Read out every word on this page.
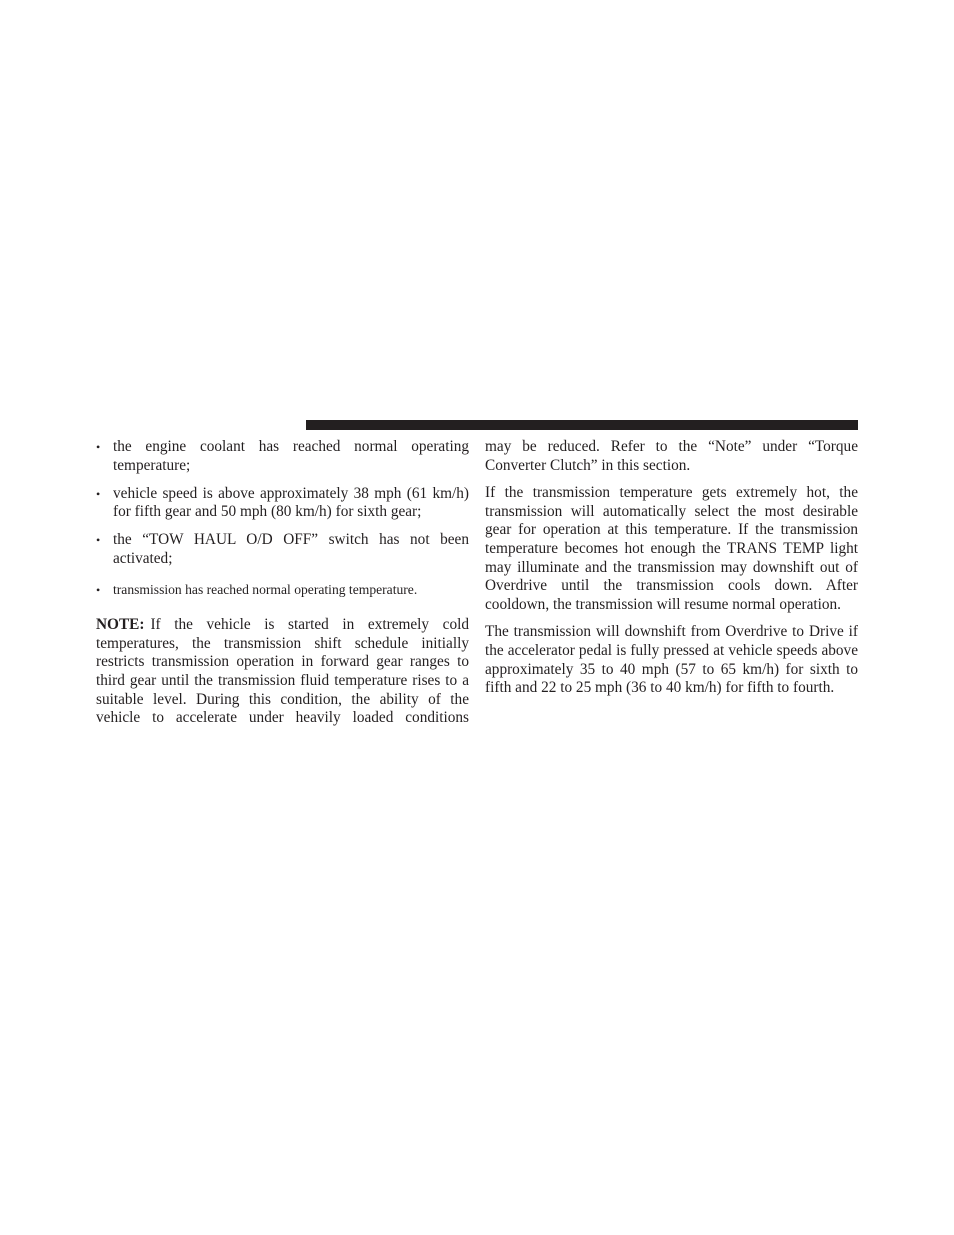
• the engine coolant has reached normal operating temperature;
• vehicle speed is above approximately 38 mph (61 km/h) for fifth gear and 50 mph (80 km/h) for sixth gear;
• the “TOW HAUL O/D OFF” switch has not been activated;
• transmission has reached normal operating temperature.

NOTE: If the vehicle is started in extremely cold temperatures, the transmission shift schedule initially restricts transmission operation in forward gear ranges to third gear until the transmission fluid temperature rises to a suitable level. During this condition, the ability of the vehicle to accelerate under heavily loaded conditions

may be reduced. Refer to the “Note” under “Torque Converter Clutch” in this section.

If the transmission temperature gets extremely hot, the transmission will automatically select the most desirable gear for operation at this temperature. If the transmission temperature becomes hot enough the TRANS TEMP light may illuminate and the transmission may downshift out of Overdrive until the transmission cools down. After cooldown, the transmission will resume normal operation.

The transmission will downshift from Overdrive to Drive if the accelerator pedal is fully pressed at vehicle speeds above approximately 35 to 40 mph (57 to 65 km/h) for sixth to fifth and 22 to 25 mph (36 to 40 km/h) for fifth to fourth.
